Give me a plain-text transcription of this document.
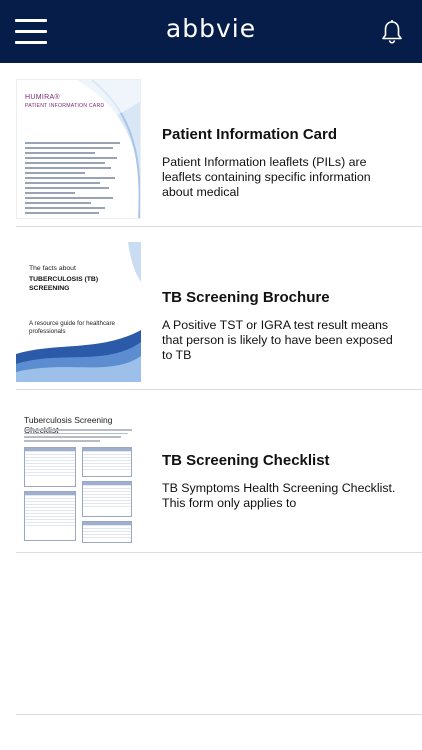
abbvie
HUMIRA®
PATIENT INFORMATION CARD
Patient Information Card
Patient Information leaflets (PILs) are leaflets containing specific information about medical
The facts about
TUBERCULOSIS (TB) SCREENING
A resource guide for healthcare professionals
TB Screening Brochure
A Positive TST or IGRA test result means that person is likely to have been exposed to TB
Tuberculosis Screening
TB Screening Checklist
TB Symptoms Health Screening Checklist. This form only applies to
